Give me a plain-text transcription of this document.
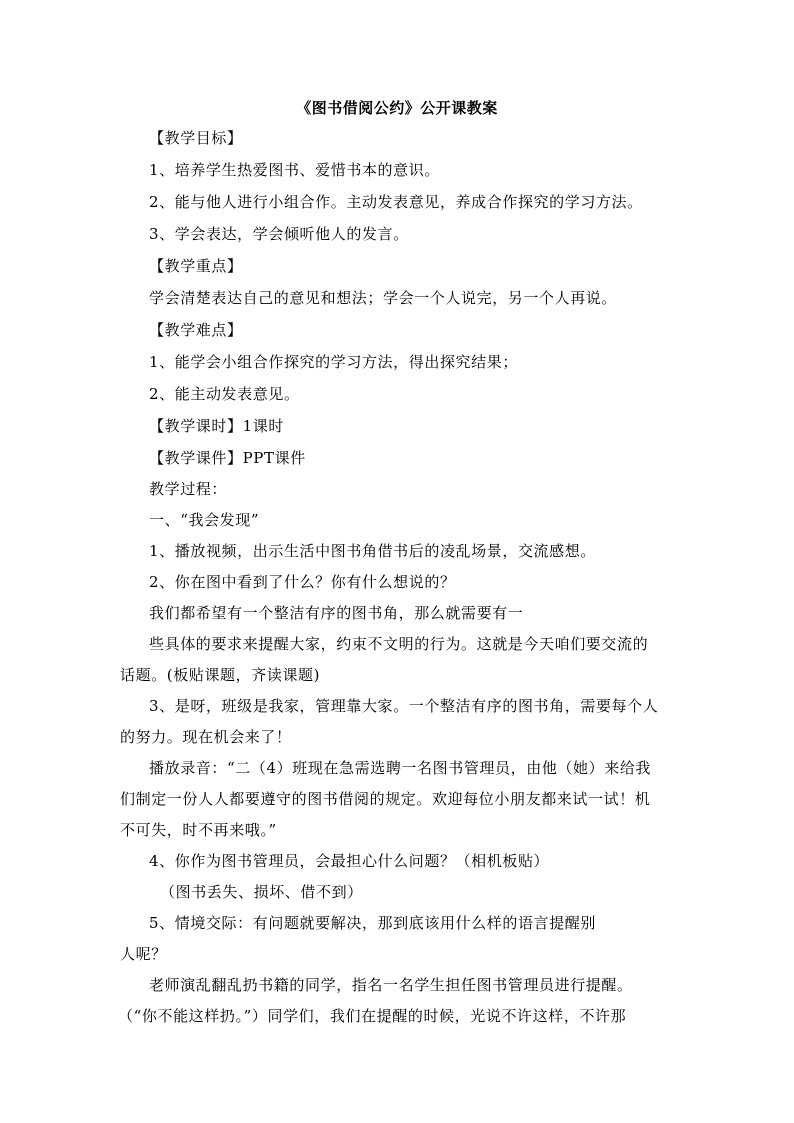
《图书借阅公约》公开课教案
【教学目标】
1、培养学生热爱图书、爱惜书本的意识。
2、能与他人进行小组合作。主动发表意见，养成合作探究的学习方法。
3、学会表达，学会倾听他人的发言。
【教学重点】
学会清楚表达自己的意见和想法；学会一个人说完，另一个人再说。
【教学难点】
1、能学会小组合作探究的学习方法，得出探究结果；
2、能主动发表意见。
【教学课时】1课时
【教学课件】PPT课件
教学过程：
一、“我会发现”
1、播放视频，出示生活中图书角借书后的凌乱场景，交流感想。
2、你在图中看到了什么？你有什么想说的？
我们都希望有一个整洁有序的图书角，那么就需要有一
些具体的要求来提醒大家，约束不文明的行为。这就是今天咱们要交流的
话题。(板贴课题，齐读课题)
3、是呀，班级是我家，管理靠大家。一个整洁有序的图书角，需要每个人
的努力。现在机会来了！
播放录音：“二（4）班现在急需选聘一名图书管理员，由他（她）来给我
们制定一份人人都要遵守的图书借阅的规定。欢迎每位小朋友都来试一试！机
不可失，时不再来哦。”
4、你作为图书管理员，会最担心什么问题？（相机板贴）
（图书丢失、损坏、借不到）
5、情境交际：有问题就要解决，那到底该用什么样的语言提醒别
人呢？
老师演乱翻乱扔书籍的同学，指名一名学生担任图书管理员进行提醒。
（“你不能这样扔。”）同学们，我们在提醒的时候，光说不许这样，不许那
